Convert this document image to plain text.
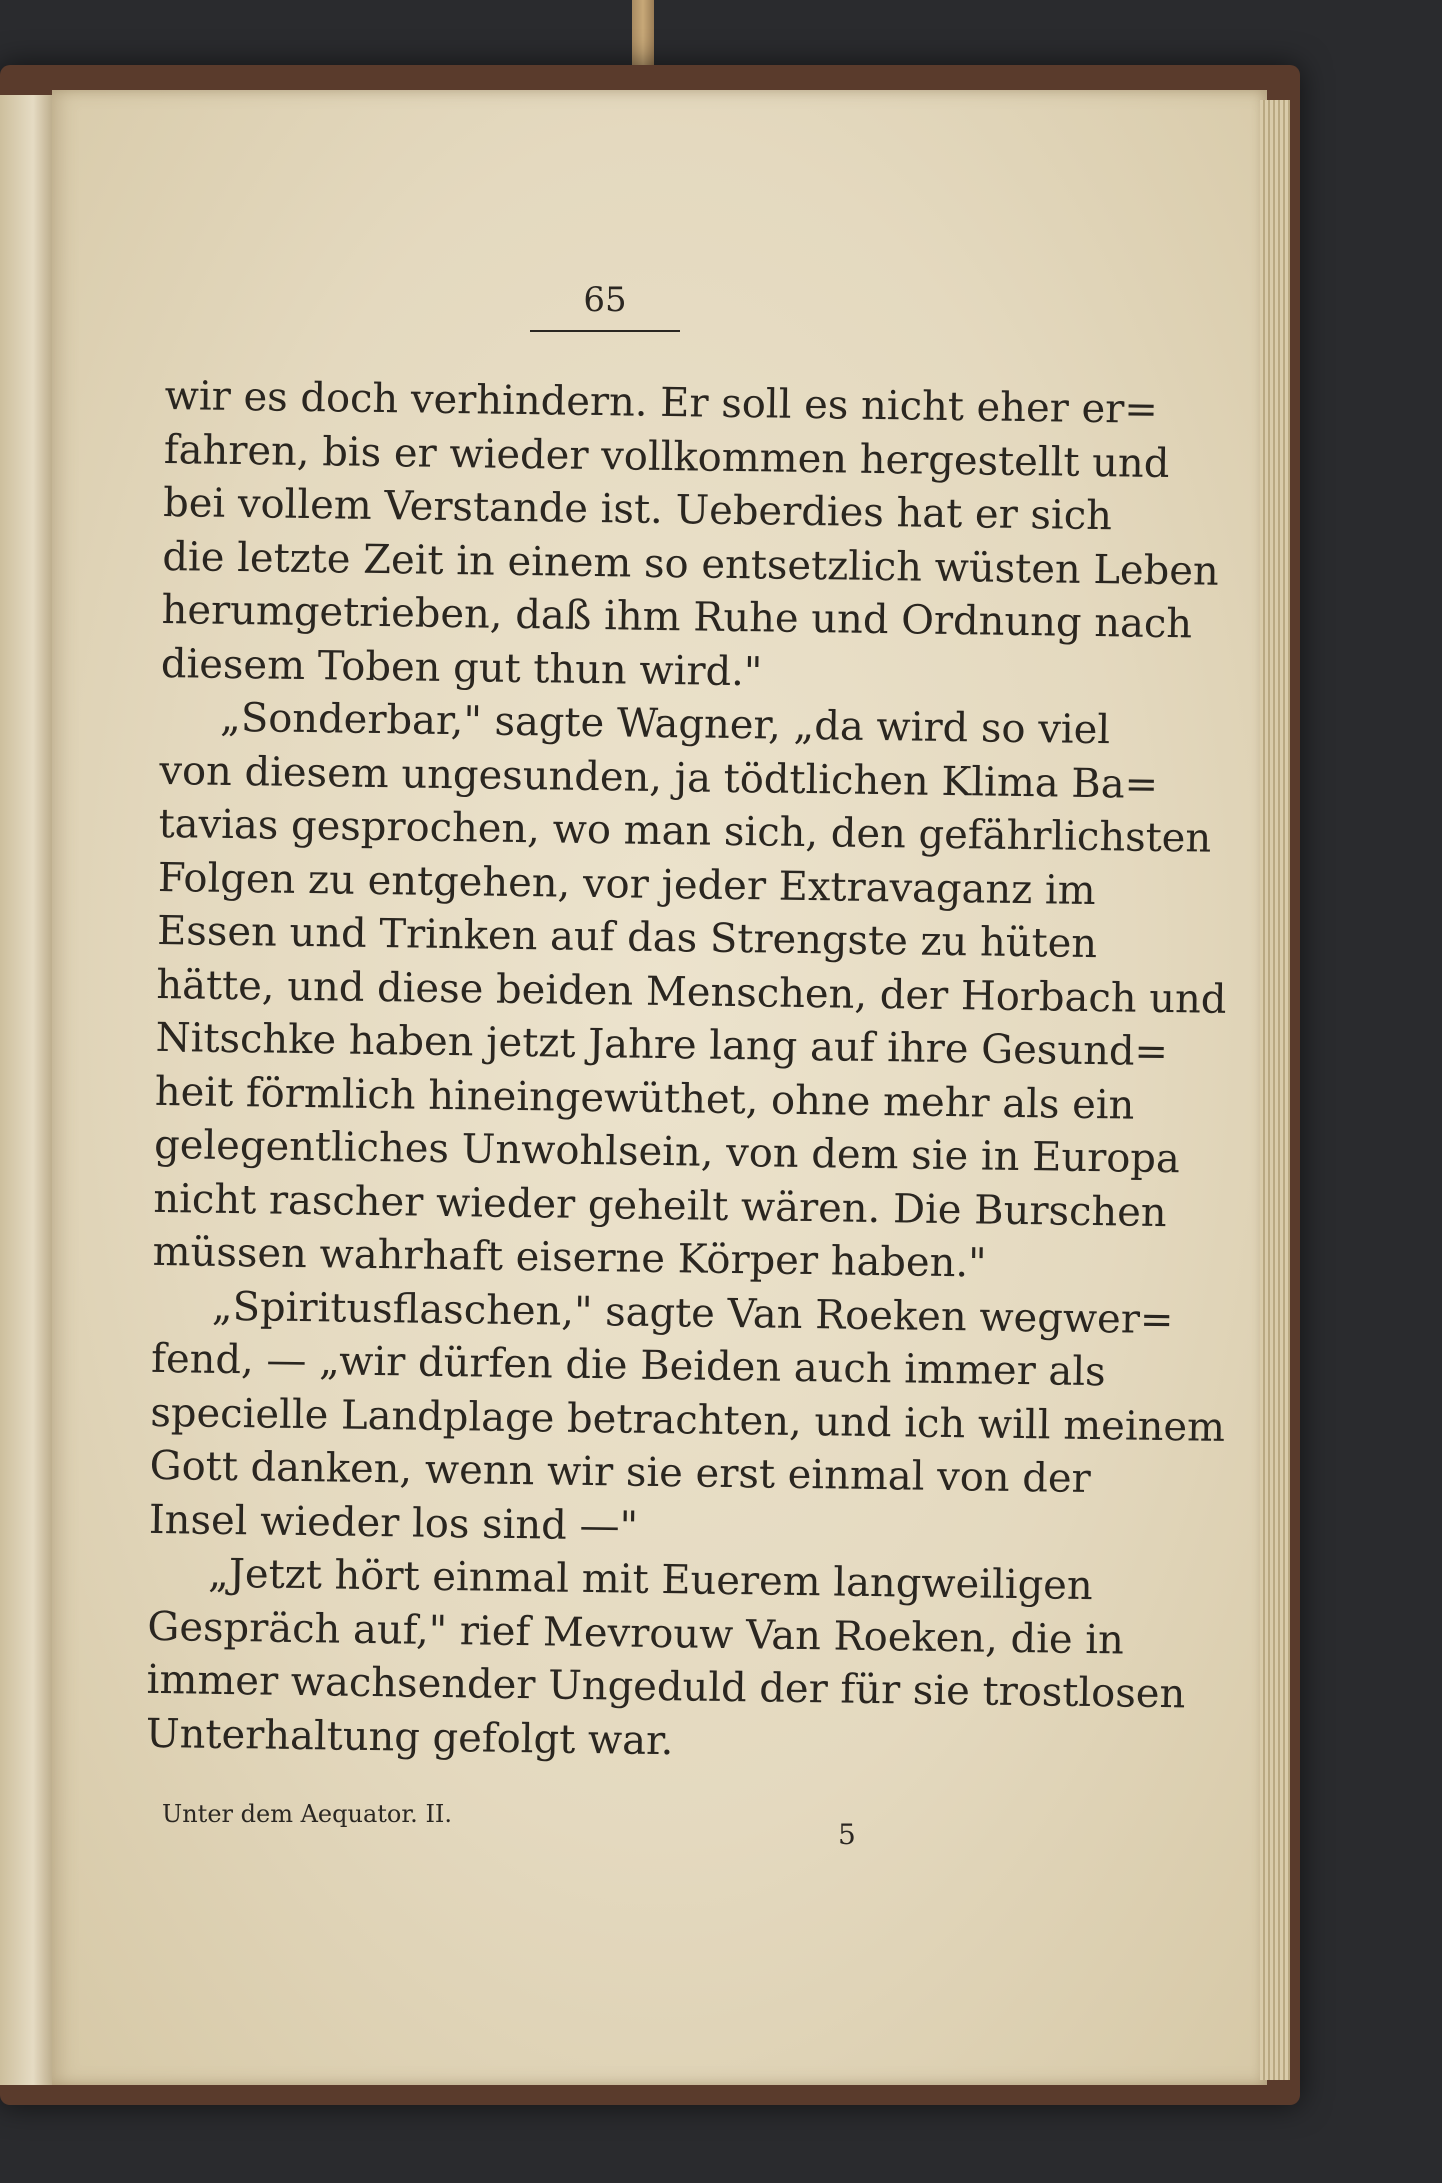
65

wir es doch verhindern. Er soll es nicht eher er=
fahren, bis er wieder vollkommen hergestellt und
bei vollem Verstande ist. Ueberdies hat er sich
die letzte Zeit in einem so entsetzlich wüsten Leben
herumgetrieben, daß ihm Ruhe und Ordnung nach
diesem Toben gut thun wird."

„Sonderbar," sagte Wagner, „da wird so viel
von diesem ungesunden, ja tödtlichen Klima Ba=
tavias gesprochen, wo man sich, den gefährlichsten
Folgen zu entgehen, vor jeder Extravaganz im
Essen und Trinken auf das Strengste zu hüten
hätte, und diese beiden Menschen, der Horbach und
Nitschke haben jetzt Jahre lang auf ihre Gesund=
heit förmlich hineingewüthet, ohne mehr als ein
gelegentliches Unwohlsein, von dem sie in Europa
nicht rascher wieder geheilt wären. Die Burschen
müssen wahrhaft eiserne Körper haben."

„Spiritusflaschen," sagte Van Roeken wegwer=
fend, — „wir dürfen die Beiden auch immer als
specielle Landplage betrachten, und ich will meinem
Gott danken, wenn wir sie erst einmal von der
Insel wieder los sind —"

„Jetzt hört einmal mit Euerem langweiligen
Gespräch auf," rief Mevrouw Van Roeken, die in
immer wachsender Ungeduld der für sie trostlosen
Unterhaltung gefolgt war.

Unter dem Aequator. II.
5
